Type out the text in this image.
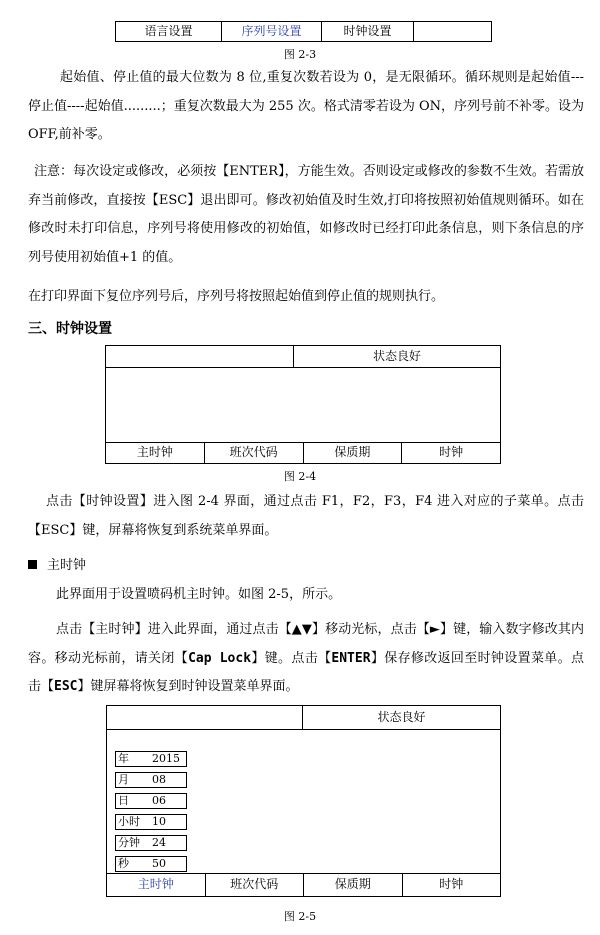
语言设置	序列号设置	时钟设置
图 2-3
起始值、停止值的最大位数为 8 位,重复次数若设为 0，是无限循环。循环规则是起始值---停止值----起始值.........；重复次数最大为 255 次。格式清零若设为 ON，序列号前不补零。设为 OFF,前补零。
注意：每次设定或修改，必须按【ENTER】，方能生效。否则设定或修改的参数不生效。若需放弃当前修改，直接按【ESC】退出即可。修改初始值及时生效,打印将按照初始值规则循环。如在修改时未打印信息，序列号将使用修改的初始值，如修改时已经打印此条信息，则下条信息的序列号使用初始值+1 的值。
在打印界面下复位序列号后，序列号将按照起始值到停止值的规则执行。
三、时钟设置
状态良好
主时钟	班次代码	保质期	时钟
图 2-4
点击【时钟设置】进入图 2-4 界面，通过点击 F1，F2，F3，F4 进入对应的子菜单。点击【ESC】键，屏幕将恢复到系统菜单界面。
主时钟
此界面用于设置喷码机主时钟。如图 2-5，所示。
点击【主时钟】进入此界面，通过点击【▲▼】移动光标，点击【►】键，输入数字修改其内容。移动光标前，请关闭【Cap Lock】键。点击【ENTER】保存修改返回至时钟设置菜单。点击【ESC】键屏幕将恢复到时钟设置菜单界面。
状态良好
年 2015
月 08
日 06
小时 10
分钟 24
秒 50
主时钟	班次代码	保质期	时钟
图 2-5
